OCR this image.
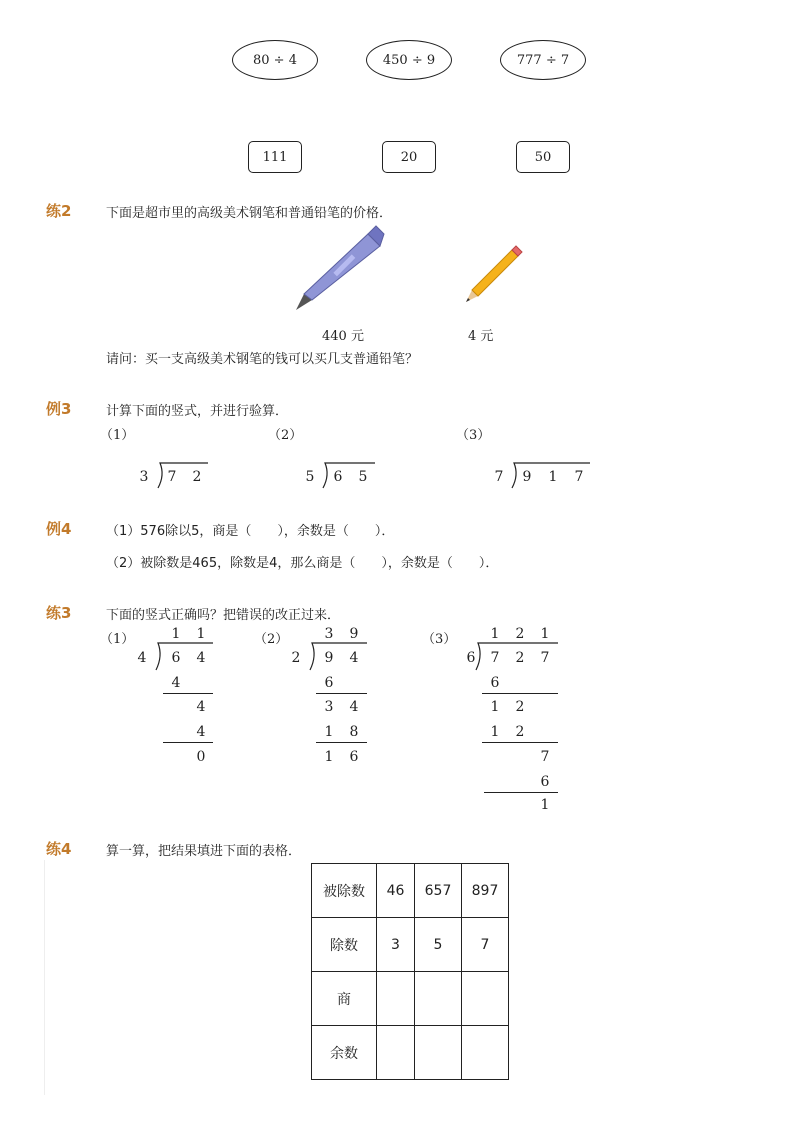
80 ÷ 4	450 ÷ 9	777 ÷ 7
111	20	50
练2	下面是超市里的高级美术钢笔和普通铅笔的价格．
440 元	4 元
请问：买一支高级美术钢笔的钱可以买几支普通铅笔？
例3	计算下面的竖式，并进行验算．
（1）	（2）	（3）
3 7 2	5 6 5	7 9 1 7
例4	（1）576除以5，商是（　　），余数是（　　）．
（2）被除数是465，除数是4，那么商是（　　），余数是（　　）．
练3	下面的竖式正确吗？把错误的改正过来．
（1）	1 1
4 6 4
4
4
4
0
（2）	3 9
2 9 4
6
3 4
1 8
1 6
（3） 1 2 1
6 7 2 7
6
1 2
1 2
7
6
1
练4	算一算，把结果填进下面的表格．
被除数	46	657	897
除数	3	5	7
商			
余数			
